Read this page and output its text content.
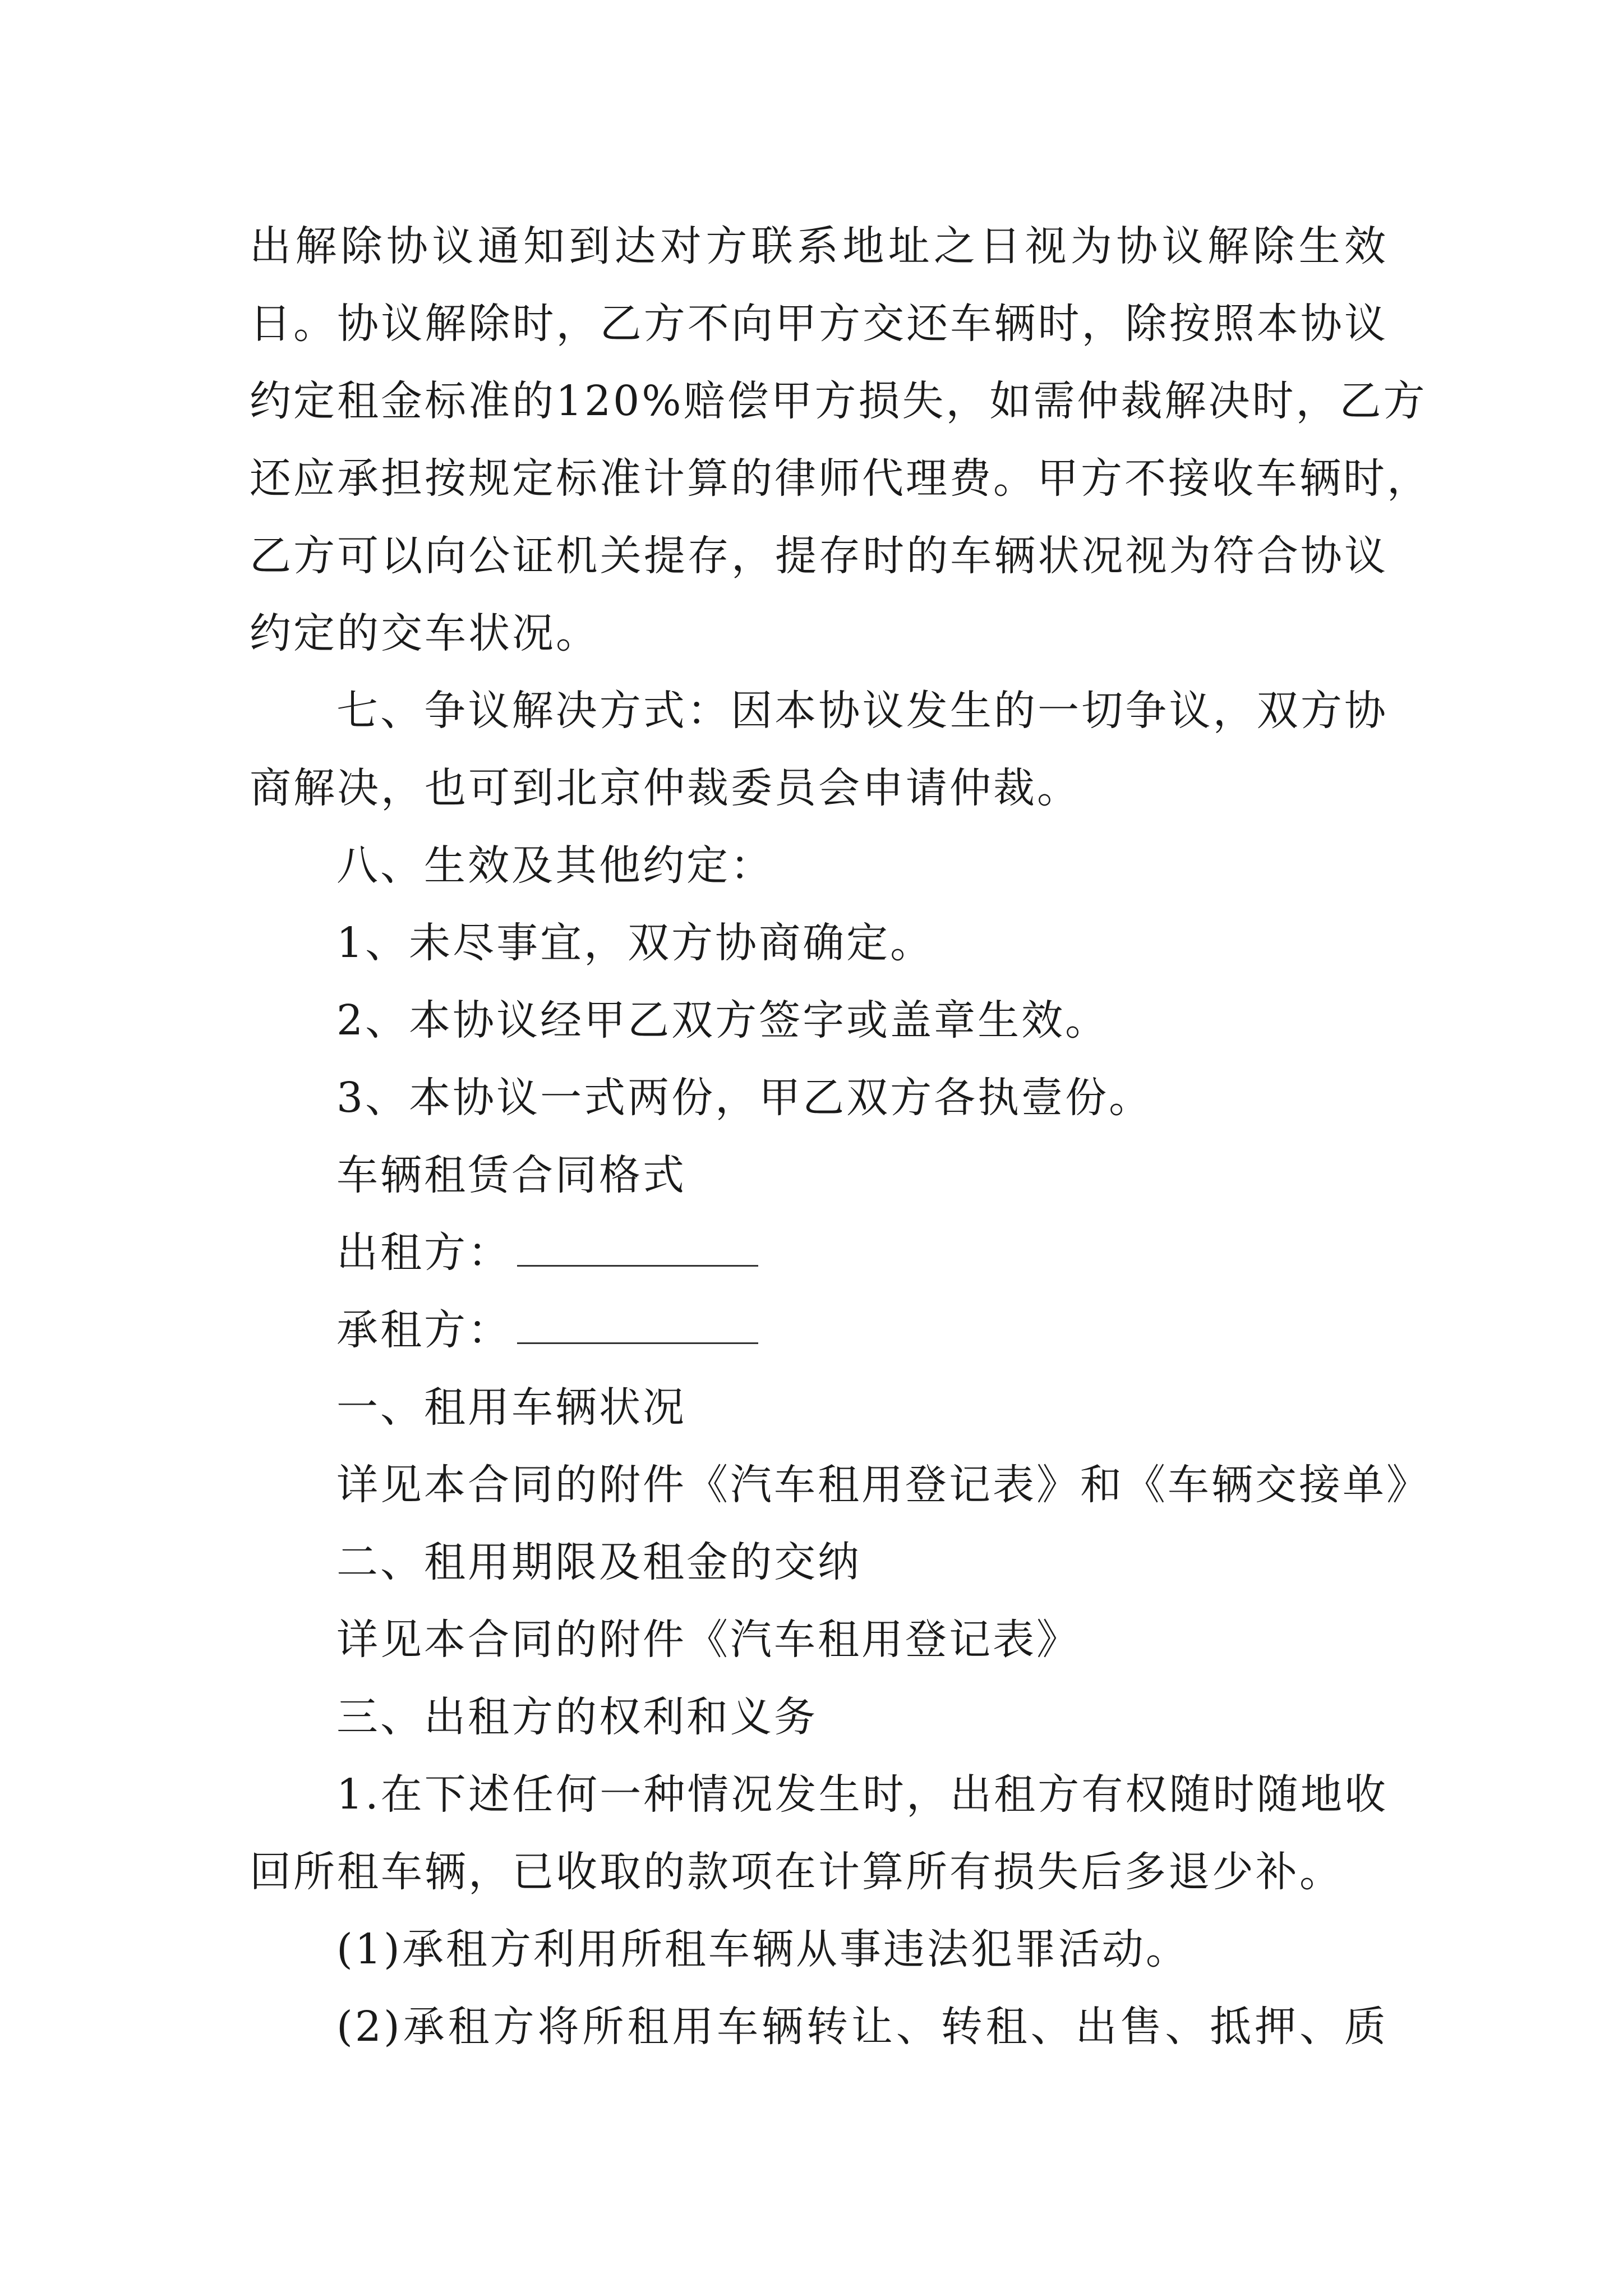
出解除协议通知到达对方联系地址之日视为协议解除生效
日。协议解除时，乙方不向甲方交还车辆时，除按照本协议
约定租金标准的120%赔偿甲方损失，如需仲裁解决时，乙方
还应承担按规定标准计算的律师代理费。甲方不接收车辆时，
乙方可以向公证机关提存，提存时的车辆状况视为符合协议
约定的交车状况。
七、争议解决方式：因本协议发生的一切争议，双方协
商解决，也可到北京仲裁委员会申请仲裁。
八、生效及其他约定：
1、未尽事宜，双方协商确定。
2、本协议经甲乙双方签字或盖章生效。
3、本协议一式两份，甲乙双方各执壹份。
车辆租赁合同格式
出租方：
承租方：
一、租用车辆状况
详见本合同的附件《汽车租用登记表》和《车辆交接单》
二、租用期限及租金的交纳
详见本合同的附件《汽车租用登记表》
三、出租方的权利和义务
1.在下述任何一种情况发生时，出租方有权随时随地收
回所租车辆，已收取的款项在计算所有损失后多退少补。
(1)承租方利用所租车辆从事违法犯罪活动。
(2)承租方将所租用车辆转让、转租、出售、抵押、质
